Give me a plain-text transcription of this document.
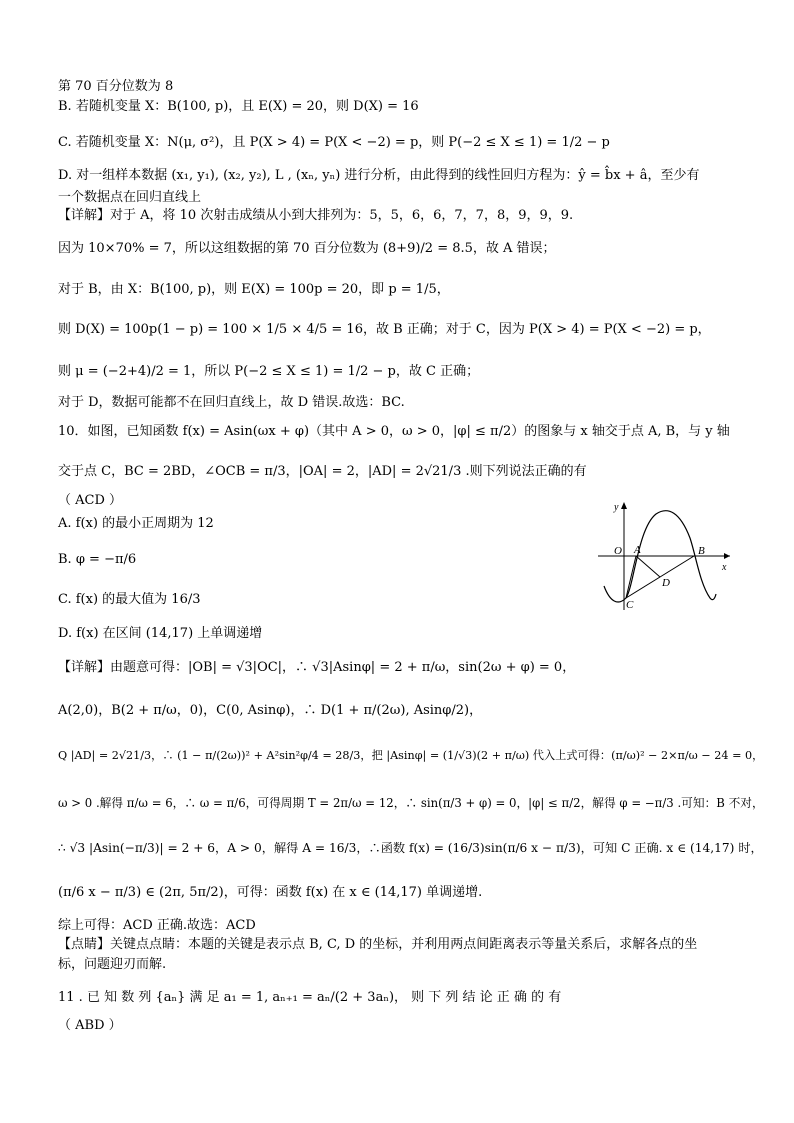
第 70 百分位数为 8
B. 若随机变量 X：B(100, p)，且 E(X) = 20，则 D(X) = 16
C. 若随机变量 X：N(μ, σ²)，且 P(X > 4) = P(X < −2) = p，则 P(−2 ≤ X ≤ 1) = 1/2 − p
D. 对一组样本数据 (x₁, y₁), (x₂, y₂), L , (xₙ, yₙ) 进行分析，由此得到的线性回归方程为：ŷ = b̂x + â，至少有
一个数据点在回归直线上
【详解】对于 A，将 10 次射击成绩从小到大排列为：5，5，6，6，7，7，8，9，9，9.
因为 10×70% = 7，所以这组数据的第 70 百分位数为 (8+9)/2 = 8.5，故 A 错误；
对于 B，由 X：B(100, p)，则 E(X) = 100p = 20，即 p = 1/5，
则 D(X) = 100p(1 − p) = 100 × 1/5 × 4/5 = 16，故 B 正确；对于 C，因为 P(X > 4) = P(X < −2) = p，
则 μ = (−2+4)/2 = 1，所以 P(−2 ≤ X ≤ 1) = 1/2 − p，故 C 正确；
对于 D，数据可能都不在回归直线上，故 D 错误.故选：BC.
10．如图，已知函数 f(x) = Asin(ωx + φ)（其中 A > 0，ω > 0，|φ| ≤ π/2）的图象与 x 轴交于点 A, B，与 y 轴
交于点 C，BC = 2BD，∠OCB = π/3，|OA| = 2，|AD| = 2√21/3 .则下列说法正确的有
（ ACD ）
A. f(x) 的最小正周期为 12
B. φ = −π/6
C. f(x) 的最大值为 16/3
D. f(x) 在区间 (14,17) 上单调递增
【详解】由题意可得：|OB| = √3|OC|，∴ √3|Asinφ| = 2 + π/ω，sin(2ω + φ) = 0，
A(2,0)，B(2 + π/ω，0)，C(0, Asinφ)，∴ D(1 + π/(2ω), Asinφ/2)，
Q |AD| = 2√21/3，∴ (1 − π/(2ω))² + A²sin²φ/4 = 28/3，把 |Asinφ| = (1/√3)(2 + π/ω) 代入上式可得：(π/ω)² − 2×π/ω − 24 = 0，
ω > 0 .解得 π/ω = 6，∴ ω = π/6，可得周期 T = 2π/ω = 12，∴ sin(π/3 + φ) = 0，|φ| ≤ π/2，解得 φ = −π/3 .可知：B 不对，
∴ √3 |Asin(−π/3)| = 2 + 6，A > 0，解得 A = 16/3，∴函数 f(x) = (16/3)sin(π/6 x − π/3)，可知 C 正确. x ∈ (14,17) 时，
(π/6 x − π/3) ∈ (2π, 5π/2)，可得：函数 f(x) 在 x ∈ (14,17) 单调递增.
综上可得：ACD 正确.故选：ACD
【点睛】关键点点睛：本题的关键是表示点 B, C, D 的坐标，并利用两点间距离表示等量关系后，求解各点的坐
标，问题迎刃而解.
11 . 已 知 数 列 {aₙ} 满 足 a₁ = 1, aₙ₊₁ = aₙ/(2 + 3aₙ)， 则 下 列 结 论 正 确 的 有
（ ABD ）
y
x
O A	B
C
D
